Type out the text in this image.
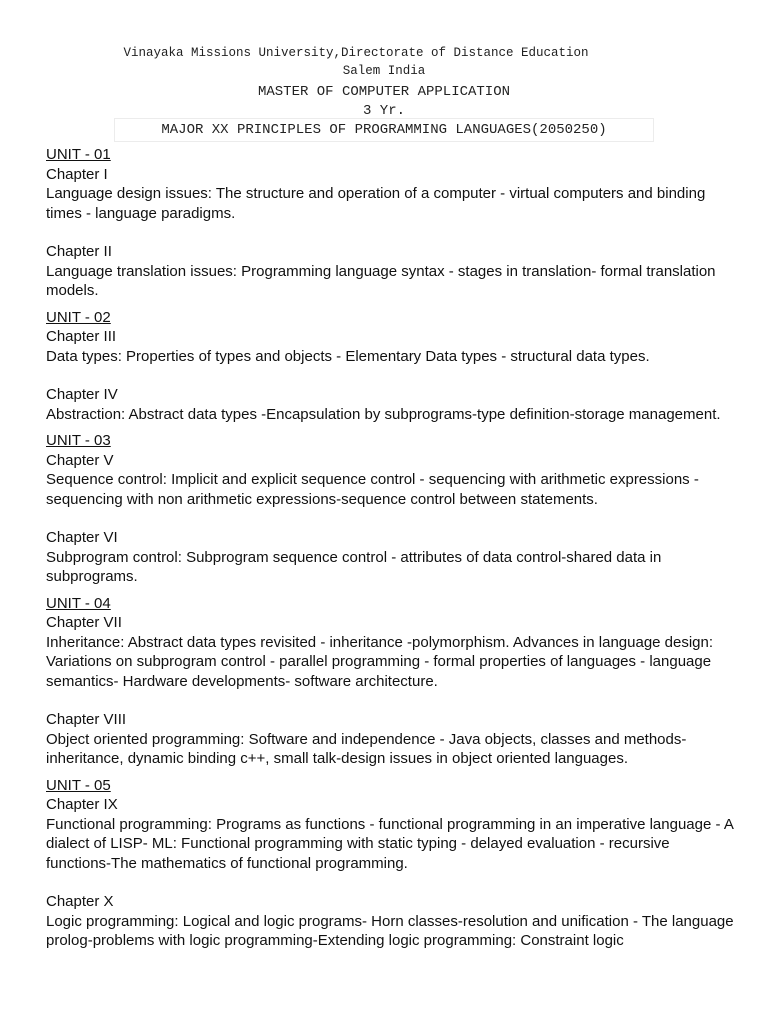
Vinayaka Missions University,Directorate of Distance Education
Salem India
MASTER OF COMPUTER APPLICATION
3 Yr.
MAJOR XX PRINCIPLES OF PROGRAMMING LANGUAGES(2050250)
UNIT - 01
Chapter I
Language design issues: The structure and operation of a computer - virtual computers and binding times - language paradigms.
Chapter II
Language translation issues: Programming language syntax - stages in translation- formal translation models.
UNIT - 02
Chapter III
Data types: Properties of types and objects - Elementary Data types - structural data types.
Chapter IV
Abstraction: Abstract data types -Encapsulation by subprograms-type definition-storage management.
UNIT - 03
Chapter V
Sequence control: Implicit and explicit sequence control - sequencing with arithmetic expressions - sequencing with non arithmetic expressions-sequence control between statements.
Chapter VI
Subprogram control: Subprogram sequence control - attributes of data control-shared data in subprograms.
UNIT - 04
Chapter VII
Inheritance: Abstract data types revisited - inheritance -polymorphism. Advances in language design: Variations on subprogram control - parallel programming - formal properties of languages - language semantics- Hardware developments- software architecture.
Chapter VIII
Object oriented programming: Software and independence - Java objects, classes and methods- inheritance, dynamic binding c++, small talk-design issues in object oriented languages.
UNIT - 05
Chapter IX
Functional programming: Programs as functions - functional programming in an imperative language - A dialect of LISP- ML: Functional programming with static typing - delayed evaluation - recursive functions-The mathematics of functional programming.
Chapter X
Logic programming: Logical and logic programs- Horn classes-resolution and unification - The language prolog-problems with logic programming-Extending logic programming: Constraint logic
